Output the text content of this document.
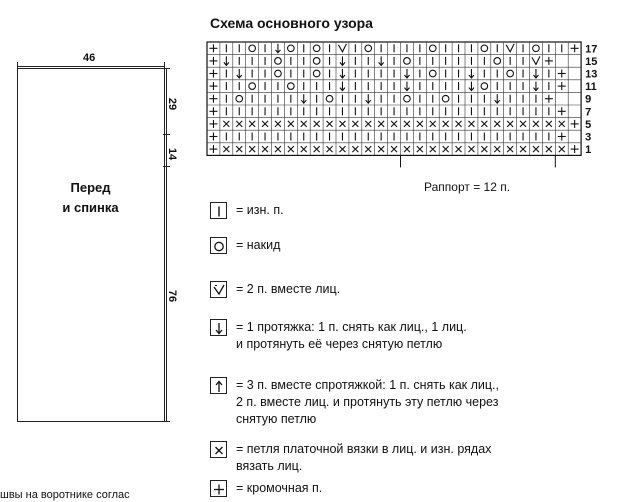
46
29
14
76
Перед
и спинка
швы на воротнике соглас
Схема основного узора
17
15
13
11
9
7
5
3
1
Раппорт = 12 п.
= изн. п.
= накид
= 2 п. вместе лиц.
= 1 протяжка: 1 п. снять как лиц., 1 лиц.
и протянуть её через снятую петлю
= 3 п. вместе спротяжкой: 1 п. снять как лиц.,
2 п. вместе лиц. и протянуть эту петлю через
снятую петлю
= петля платочной вязки в лиц. и изн. рядах
вязать лиц.
= кромочная п.
